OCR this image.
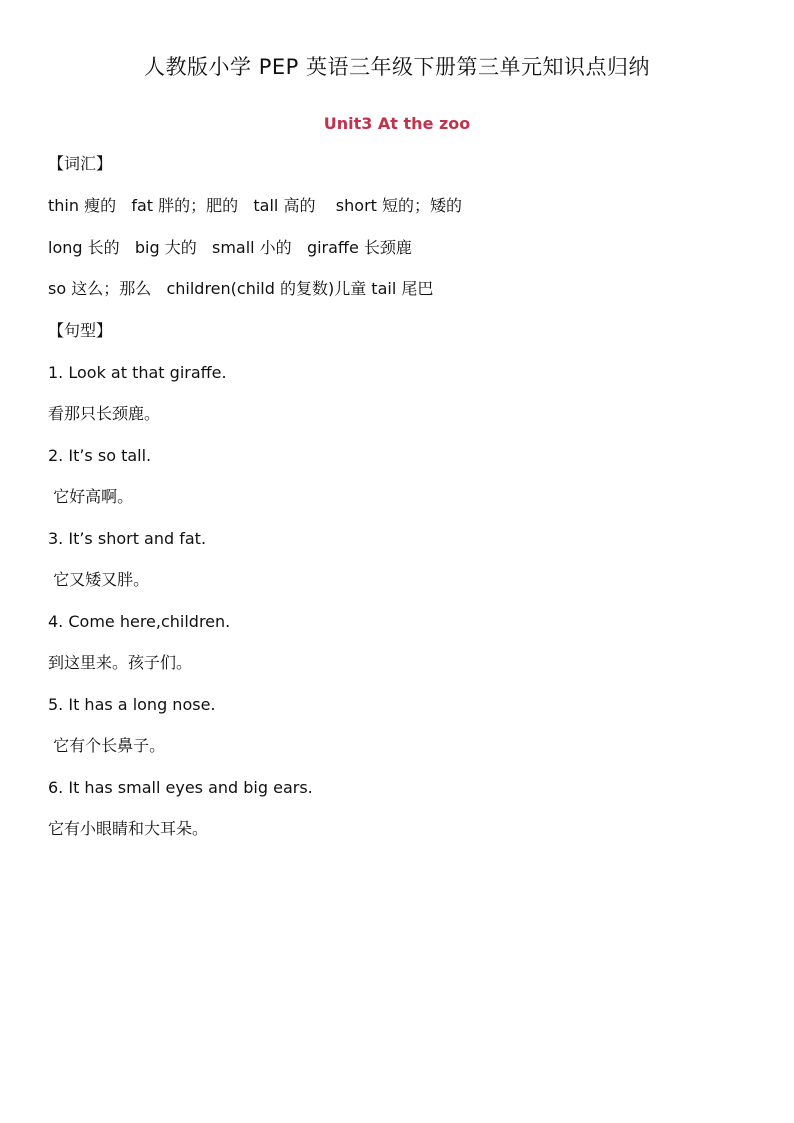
人教版小学 PEP 英语三年级下册第三单元知识点归纳
Unit3 At the zoo
【词汇】
thin 瘦的   fat 胖的；肥的   tall 高的    short 短的；矮的
long 长的   big 大的   small 小的   giraffe 长颈鹿
so 这么；那么   children(child 的复数)儿童 tail 尾巴
【句型】
1. Look at that giraffe.
看那只长颈鹿。
2. It’s so tall.
它好高啊。
3. It’s short and fat.
它又矮又胖。
4. Come here,children.
到这里来。孩子们。
5. It has a long nose.
它有个长鼻子。
6. It has small eyes and big ears.
它有小眼睛和大耳朵。
